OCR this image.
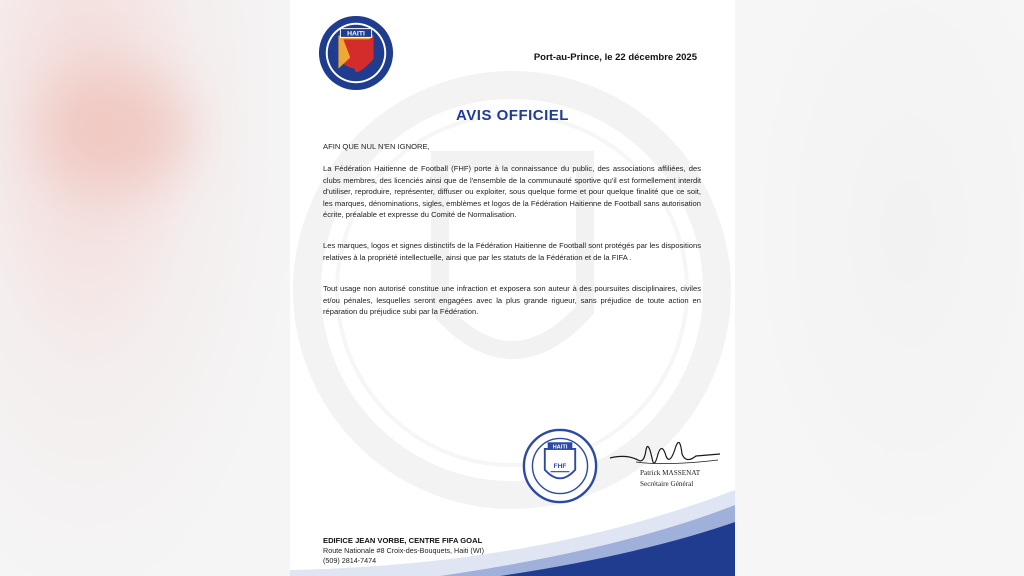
HAITI
Port-au-Prince, le 22 décembre 2025
AVIS OFFICIEL
AFIN QUE NUL N'EN IGNORE,

La Fédération Haitienne de Football (FHF) porte à la connaissance du public, des associations affiliées, des clubs membres, des licenciés ainsi que de l'ensemble de la communauté sportive qu'il est formellement interdit d'utiliser, reproduire, représenter, diffuser ou exploiter, sous quelque forme et pour quelque finalité que ce soit, les marques, dénominations, sigles, emblèmes et logos de la Fédération Haitienne de Football sans autorisation écrite, préalable et expresse du Comité de Normalisation.

Les marques, logos et signes distinctifs de la Fédération Haitienne de Football sont protégés par les dispositions relatives à la propriété intellectuelle, ainsi que par les statuts de la Fédération et de la FIFA .

Tout usage non autorisé constitue une infraction et exposera son auteur à des poursuites disciplinaires, civiles et/ou pénales, lesquelles seront engagées avec la plus grande rigueur, sans préjudice de toute action en réparation du préjudice subi par la Fédération.

HAITI
FHF
Patrick MASSENAT
Secrétaire Général
EDIFICE JEAN VORBE, CENTRE FIFA GOAL
Route Nationale #8 Croix-des-Bouquets, Haiti (WI)
(509) 2814-7474
